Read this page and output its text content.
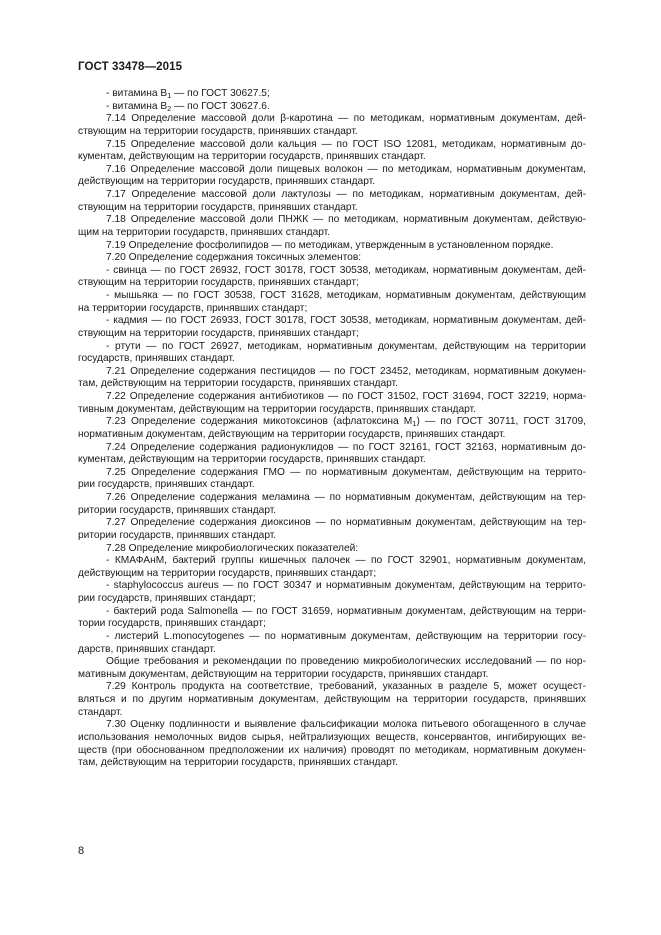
ГОСТ 33478—2015

- витамина $В_1$ — по ГОСТ 30627.5;

- витамина $В_2$ — по ГОСТ 30627.6.

7.14 Определение массовой доли β-каротина — по методикам, нормативным документам, дей-

ствующим на территории государств, принявших стандарт.

7.15 Определение массовой доли кальция — по ГОСТ ISO 12081, методикам, нормативным до-

кументам, действующим на территории государств, принявших стандарт.

7.16 Определение массовой доли пищевых волокон — по методикам, нормативным документам,

действующим на территории государств, принявших стандарт.

7.17 Определение массовой доли лактулозы — по методикам, нормативным документам, дей-

ствующим на территории государств, принявших стандарт.

7.18 Определение массовой доли ПНЖК — по методикам, нормативным документам, действую-

щим на территории государств, принявших стандарт.

7.19 Определение фосфолипидов — по методикам, утвержденным в установленном порядке.

7.20 Определение содержания токсичных элементов:

- свинца — по ГОСТ 26932, ГОСТ 30178, ГОСТ 30538, методикам, нормативным документам, дей-

ствующим на территории государств, принявших стандарт;

- мышьяка — по ГОСТ 30538, ГОСТ 31628, методикам, нормативным документам, действующим

на территории государств, принявших стандарт;

- кадмия — по ГОСТ 26933, ГОСТ 30178, ГОСТ 30538, методикам, нормативным документам, дей-

ствующим на территории государств, принявших стандарт;

- ртути — по ГОСТ 26927, методикам, нормативным документам, действующим на территории

государств, принявших стандарт.

7.21 Определение содержания пестицидов — по ГОСТ 23452, методикам, нормативным докумен-

там, действующим на территории государств, принявших стандарт.

7.22 Определение содержания антибиотиков — по ГОСТ 31502, ГОСТ 31694, ГОСТ 32219, норма-

тивным документам, действующим на территории государств, принявших стандарт.

7.23 Определение содержания микотоксинов (афлатоксина $М_1$) — по ГОСТ 30711, ГОСТ 31709,

нормативным документам, действующим на территории государств, принявших стандарт.

7.24 Определение содержания радионуклидов — по ГОСТ 32161, ГОСТ 32163, нормативным до-

кументам, действующим на территории государств, принявших стандарт.

7.25 Определение содержания ГМО — по нормативным документам, действующим на террито-

рии государств, принявших стандарт.

7.26 Определение содержания меламина — по нормативным документам, действующим на тер-

ритории государств, принявших стандарт.

7.27 Определение содержания диоксинов — по нормативным документам, действующим на тер-

ритории государств, принявших стандарт.

7.28 Определение микробиологических показателей:

- КМАФАнМ, бактерий группы кишечных палочек — по ГОСТ 32901, нормативным документам,

действующим на территории государств, принявших стандарт;

- staphylococcus aureus — по ГОСТ 30347 и нормативным документам, действующим на террито-

рии государств, принявших стандарт;

- бактерий рода Salmonella — по ГОСТ 31659, нормативным документам, действующим на терри-

тории государств, принявших стандарт;

- листерий L.monocytogenes — по нормативным документам, действующим на территории госу-

дарств, принявших стандарт.

Общие требования и рекомендации по проведению микробиологических исследований — по нор-

мативным документам, действующим на территории государств, принявших стандарт.

7.29 Контроль продукта на соответствие, требований, указанных в разделе 5, может осущест-

вляться и по другим нормативным документам, действующим на территории государств, принявших

стандарт.

7.30 Оценку подлинности и выявление фальсификации молока питьевого обогащенного в случае

использования немолочных видов сырья, нейтрализующих веществ, консервантов, ингибирующих ве-

ществ (при обоснованном предположении их наличия) проводят по методикам, нормативным докумен-

там, действующим на территории государств, принявших стандарт.

8
